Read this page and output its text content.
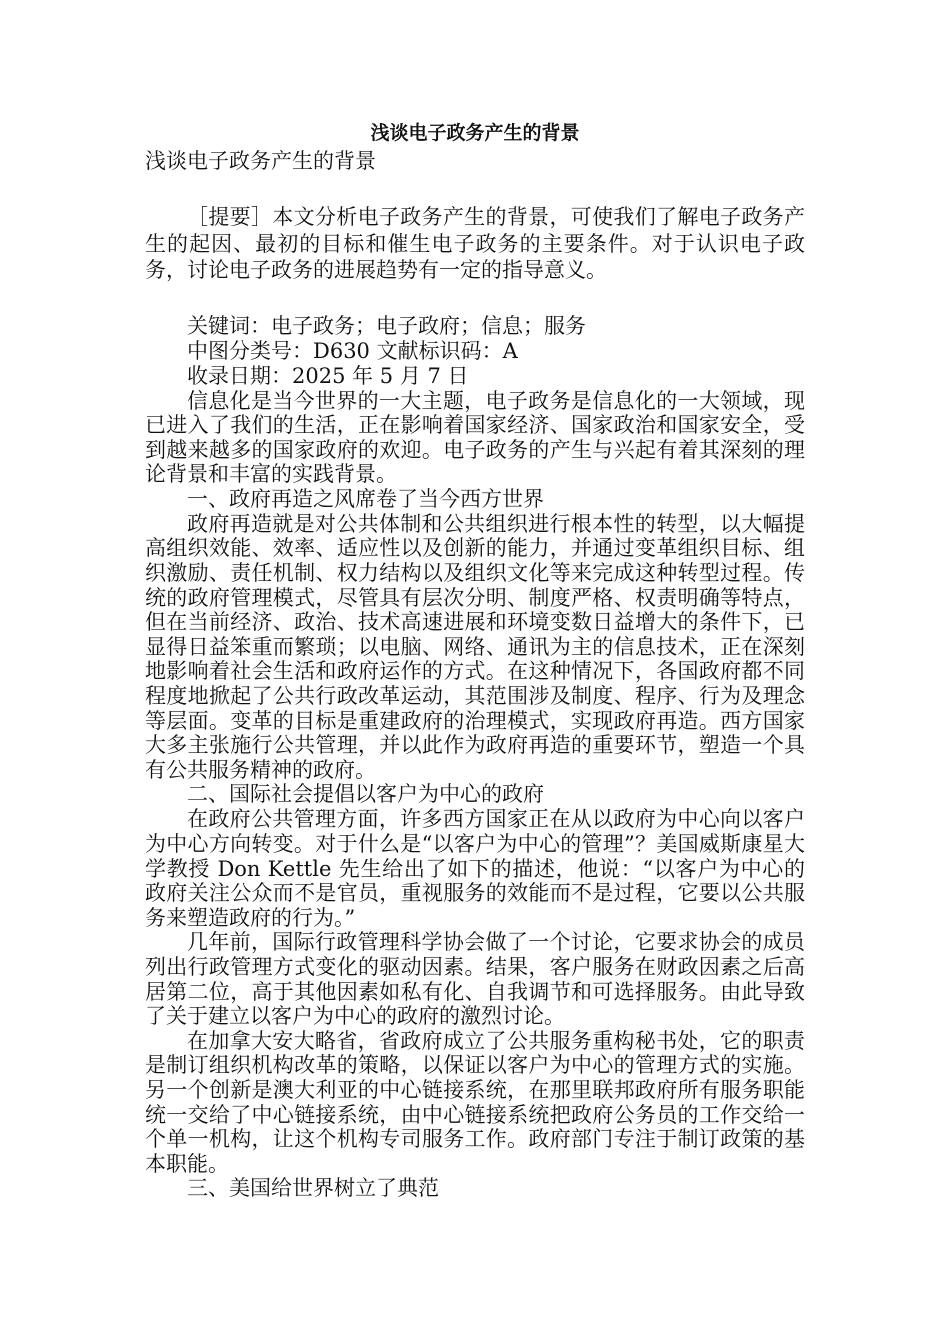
浅谈电子政务产生的背景

浅谈电子政务产生的背景

［提要］本文分析电子政务产生的背景，可使我们了解电子政务产生的起因、最初的目标和催生电子政务的主要条件。对于认识电子政务，讨论电子政务的进展趋势有一定的指导意义。

关键词：电子政务；电子政府；信息；服务

中图分类号：D630 文献标识码：A

收录日期：2025 年 5 月 7 日

信息化是当今世界的一大主题，电子政务是信息化的一大领域，现已进入了我们的生活，正在影响着国家经济、国家政治和国家安全，受到越来越多的国家政府的欢迎。电子政务的产生与兴起有着其深刻的理论背景和丰富的实践背景。

一、政府再造之风席卷了当今西方世界

政府再造就是对公共体制和公共组织进行根本性的转型，以大幅提高组织效能、效率、适应性以及创新的能力，并通过变革组织目标、组织激励、责任机制、权力结构以及组织文化等来完成这种转型过程。传统的政府管理模式，尽管具有层次分明、制度严格、权责明确等特点，但在当前经济、政治、技术高速进展和环境变数日益增大的条件下，已显得日益笨重而繁琐；以电脑、网络、通讯为主的信息技术，正在深刻地影响着社会生活和政府运作的方式。在这种情况下，各国政府都不同程度地掀起了公共行政改革运动，其范围涉及制度、程序、行为及理念等层面。变革的目标是重建政府的治理模式，实现政府再造。西方国家大多主张施行公共管理，并以此作为政府再造的重要环节，塑造一个具有公共服务精神的政府。

二、国际社会提倡以客户为中心的政府

在政府公共管理方面，许多西方国家正在从以政府为中心向以客户为中心方向转变。对于什么是“以客户为中心的管理”？美国威斯康星大学教授 Don Kettle 先生给出了如下的描述，他说：“以客户为中心的政府关注公众而不是官员，重视服务的效能而不是过程，它要以公共服务来塑造政府的行为。”

几年前，国际行政管理科学协会做了一个讨论，它要求协会的成员列出行政管理方式变化的驱动因素。结果，客户服务在财政因素之后高居第二位，高于其他因素如私有化、自我调节和可选择服务。由此导致了关于建立以客户为中心的政府的激烈讨论。

在加拿大安大略省，省政府成立了公共服务重构秘书处，它的职责是制订组织机构改革的策略，以保证以客户为中心的管理方式的实施。另一个创新是澳大利亚的中心链接系统，在那里联邦政府所有服务职能统一交给了中心链接系统，由中心链接系统把政府公务员的工作交给一个单一机构，让这个机构专司服务工作。政府部门专注于制订政策的基本职能。

三、美国给世界树立了典范
